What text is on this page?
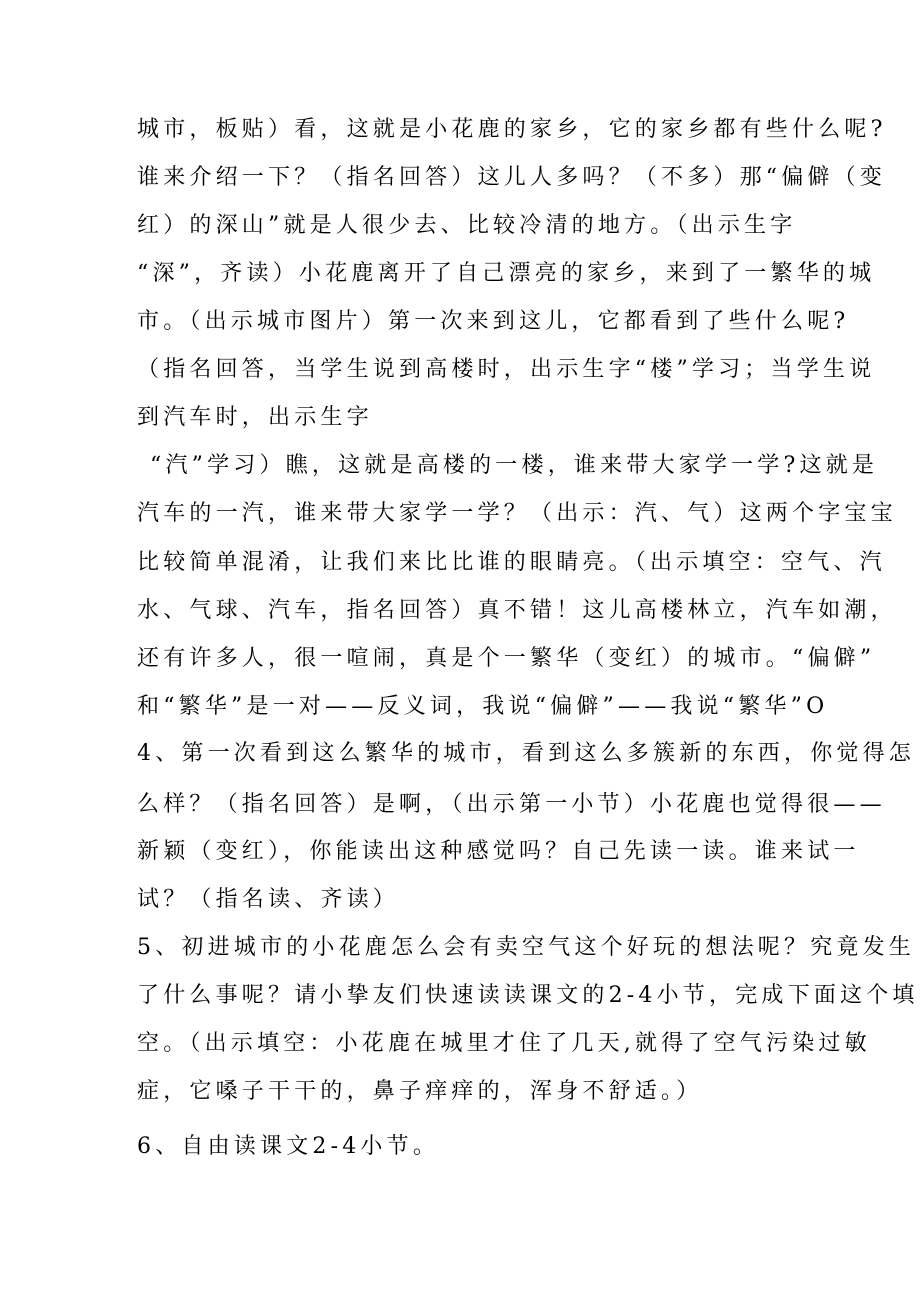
城市，板贴）看，这就是小花鹿的家乡，它的家乡都有些什么呢?
谁来介绍一下？（指名回答）这儿人多吗？（不多）那“偏僻（变
红）的深山”就是人很少去、比较冷清的地方。（出示生字
“深”，齐读）小花鹿离开了自己漂亮的家乡，来到了一繁华的城
市。（出示城市图片）第一次来到这儿，它都看到了些什么呢?
（指名回答，当学生说到高楼时，出示生字“楼”学习；当学生说
到汽车时，出示生字
“汽”学习）瞧，这就是高楼的一楼，谁来带大家学一学?这就是
汽车的一汽，谁来带大家学一学？（出示：汽、气）这两个字宝宝
比较简单混淆，让我们来比比谁的眼睛亮。（出示填空：空气、汽
水、气球、汽车，指名回答）真不错！这儿高楼林立，汽车如潮，
还有许多人，很一喧闹，真是个一繁华（变红）的城市。“偏僻”
和“繁华”是一对——反义词，我说“偏僻”——我说“繁华”O
4、第一次看到这么繁华的城市，看到这么多簇新的东西，你觉得怎
么样？（指名回答）是啊，（出示第一小节）小花鹿也觉得很——
新颖（变红），你能读出这种感觉吗？自己先读一读。谁来试一
试？（指名读、齐读）
5、初进城市的小花鹿怎么会有卖空气这个好玩的想法呢？究竟发生
了什么事呢？请小挚友们快速读读课文的2-4小节，完成下面这个填
空。（出示填空：小花鹿在城里才住了几天,就得了空气污染过敏
症，它嗓子干干的，鼻子痒痒的，浑身不舒适。）
6、自由读课文2-4小节。
